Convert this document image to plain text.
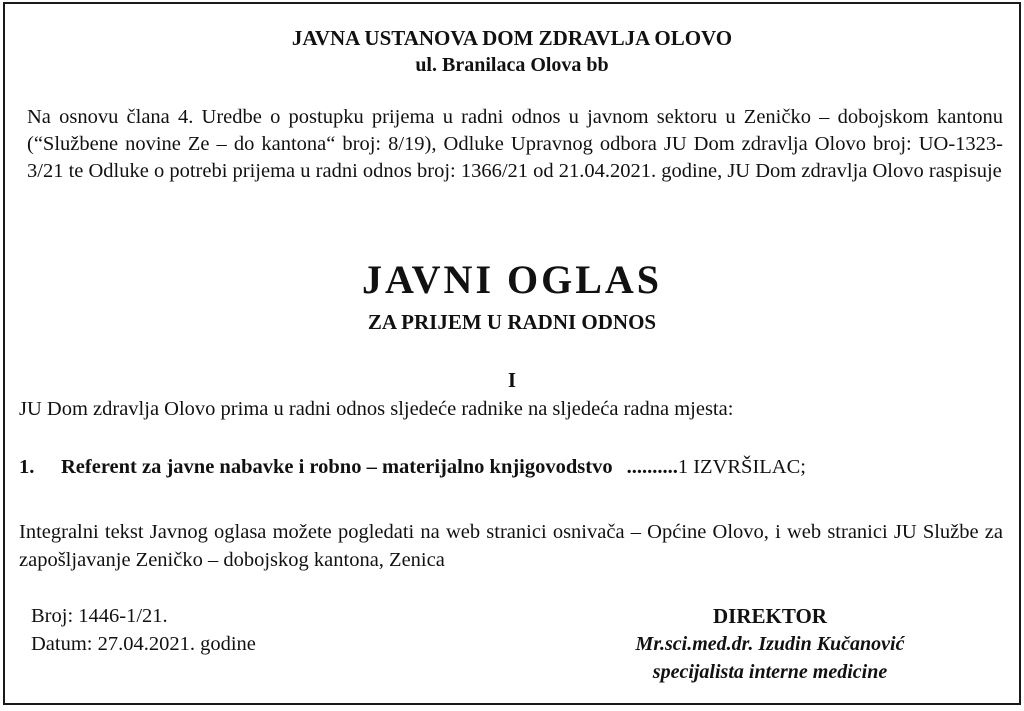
JAVNA USTANOVA DOM ZDRAVLJA OLOVO
ul. Branilaca Olova bb
Na osnovu člana 4. Uredbe o postupku prijema u radni odnos u javnom sektoru u Zeničko – dobojskom kantonu (“Službene novine Ze – do kantona“ broj: 8/19), Odluke Upravnog odbora JU Dom zdravlja Olovo broj: UO-1323-3/21 te Odluke o potrebi prijema u radni odnos broj: 1366/21 od 21.04.2021. godine, JU Dom zdravlja Olovo raspisuje
JAVNI OGLAS
ZA PRIJEM U RADNI ODNOS
I
JU Dom zdravlja Olovo prima u radni odnos sljedeće radnike na sljedeća radna mjesta:
1.	Referent za javne nabavke i robno – materijalno knjigovodstvo .......... 1 IZVRŠILAC;
Integralni tekst Javnog oglasa možete pogledati na web stranici osnivača – Općine Olovo, i web stranici JU Službe za zapošljavanje Zeničko – dobojskog kantona, Zenica
Broj: 1446-1/21.
Datum: 27.04.2021. godine
DIREKTOR
Mr.sci.med.dr. Izudin Kučanović
specijalista interne medicine
